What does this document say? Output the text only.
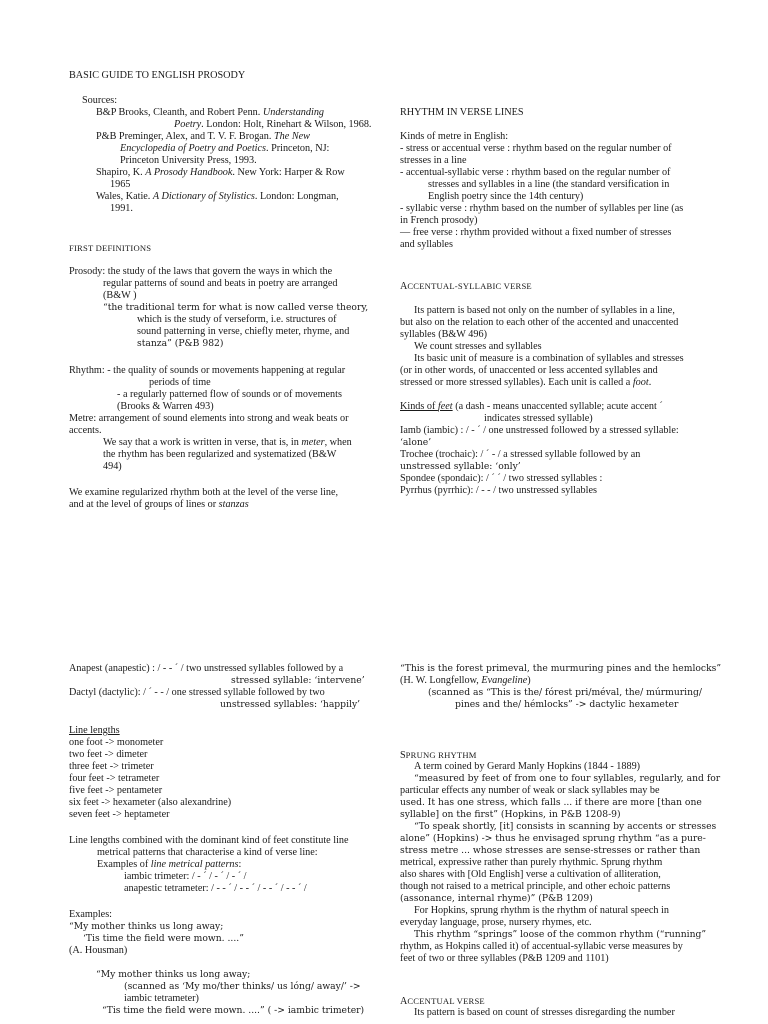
BASIC GUIDE TO ENGLISH PROSODY
Sources:
B&P Brooks, Cleanth, and Robert Penn. Understanding
Poetry. London: Holt, Rinehart & Wilson, 1968.
P&B Preminger, Alex, and T. V. F. Brogan. The New
Encyclopedia of Poetry and Poetics. Princeton, NJ:
Princeton University Press, 1993.
Shapiro, K. A Prosody Handbook. New York: Harper & Row
1965
Wales, Katie. A Dictionary of Stylistics. London: Longman,
1991.
FIRST DEFINITIONS
Prosody: the study of the laws that govern the ways in which the
regular patterns of sound and beats in poetry are arranged
(B&W )
“the traditional term for what is now called verse theory,
which is the study of verseform, i.e. structures of
sound patterning in verse, chiefly meter, rhyme, and
stanza” (P&B 982)
Rhythm: - the quality of sounds or movements happening at regular
periods of time
- a regularly patterned flow of sounds or of movements
(Brooks & Warren 493)
Metre: arrangement of sound elements into strong and weak beats or
accents.
We say that a work is written in verse, that is, in meter, when
the rhythm has been regularized and systematized (B&W
494)
We examine regularized rhythm both at the level of the verse line,
and at the level of groups of lines or stanzas
RHYTHM IN VERSE LINES
Kinds of metre in English:
- stress or accentual verse : rhythm based on the regular number of
stresses in a line
- accentual-syllabic verse : rhythm based on the regular number of
stresses and syllables in a line (the standard versification in
English poetry since the 14th century)
- syllabic verse : rhythm based on the number of syllables per line (as
in French prosody)
— free verse : rhythm provided without a fixed number of stresses
and syllables
ACCENTUAL-SYLLABIC VERSE
Its pattern is based not only on the number of syllables in a line,
but also on the relation to each other of the accented and unaccented
syllables (B&W 496)
We count stresses and syllables
Its basic unit of measure is a combination of syllables and stresses
(or in other words, of unaccented or less accented syllables and
stressed or more stressed syllables). Each unit is called a foot.
Kinds of feet (a dash - means unaccented syllable; acute accent ´
indicates stressed syllable)
Iamb (iambic) : / - ´ / one unstressed followed by a stressed syllable:
‘alone’
Trochee (trochaic): / ´ - / a stressed syllable followed by an
unstressed syllable: ‘only’
Spondee (spondaic): / ´ ´ / two stressed syllables :
Pyrrhus (pyrrhic): / - - / two unstressed syllables
Anapest (anapestic) : / - - ´ / two unstressed syllables followed by a
stressed syllable: ‘intervene’
Dactyl (dactylic): / ´ - - / one stressed syllable followed by two
unstressed syllables: ‘happily’
Line lengths
one foot -> monometer
two feet -> dimeter
three feet -> trimeter
four feet -> tetrameter
five feet -> pentameter
six feet -> hexameter (also alexandrine)
seven feet -> heptameter
Line lengths combined with the dominant kind of feet constitute line
metrical patterns that characterise a kind of verse line:
Examples of line metrical patterns:
iambic trimeter: / - ´ / - ´ / - ´ /
anapestic tetrameter: / - - ´ / - - ´ / - - ´ / - - ´ /
Examples:
“My mother thinks us long away;
‘Tis time the field were mown. ....”
(A. Housman)
“My mother thinks us long away;
(scanned as ‘My mo/ther thinks/ us lóng/ away/’ ->
iambic tetrameter)
“Tis time the field were mown. ....” ( -> iambic trimeter)
“This is the forest primeval, the murmuring pines and the hemlocks”
(H. W. Longfellow, Evangeline)
(scanned as “This is the/ fórest pri/méval, the/ múrmuring/
pines and the/ hémlocks” -> dactylic hexameter
SPRUNG RHYTHM
A term coined by Gerard Manly Hopkins (1844 - 1889)
“measured by feet of from one to four syllables, regularly, and for
particular effects any number of weak or slack syllables may be
used. It has one stress, which falls ... if there are more [than one
syllable] on the first” (Hopkins, in P&B 1208-9)
“To speak shortly, [it] consists in scanning by accents or stresses
alone” (Hopkins) -> thus he envisaged sprung rhythm “as a pure-
stress metre ... whose stresses are sense-stresses or rather than
metrical, expressive rather than purely rhythmic. Sprung rhythm
also shares with [Old English] verse a cultivation of alliteration,
though not raised to a metrical principle, and other echoic patterns
(assonance, internal rhyme)” (P&B 1209)
For Hopkins, sprung rhythm is the rhythm of natural speech in
everyday language, prose, nursery rhymes, etc.
This rhythm “springs” loose of the common rhythm (“running”
rhythm, as Hokpins called it) of accentual-syllabic verse measures by
feet of two or three syllables (P&B 1209 and 1101)
ACCENTUAL VERSE
Its pattern is based on count of stresses disregarding the number
